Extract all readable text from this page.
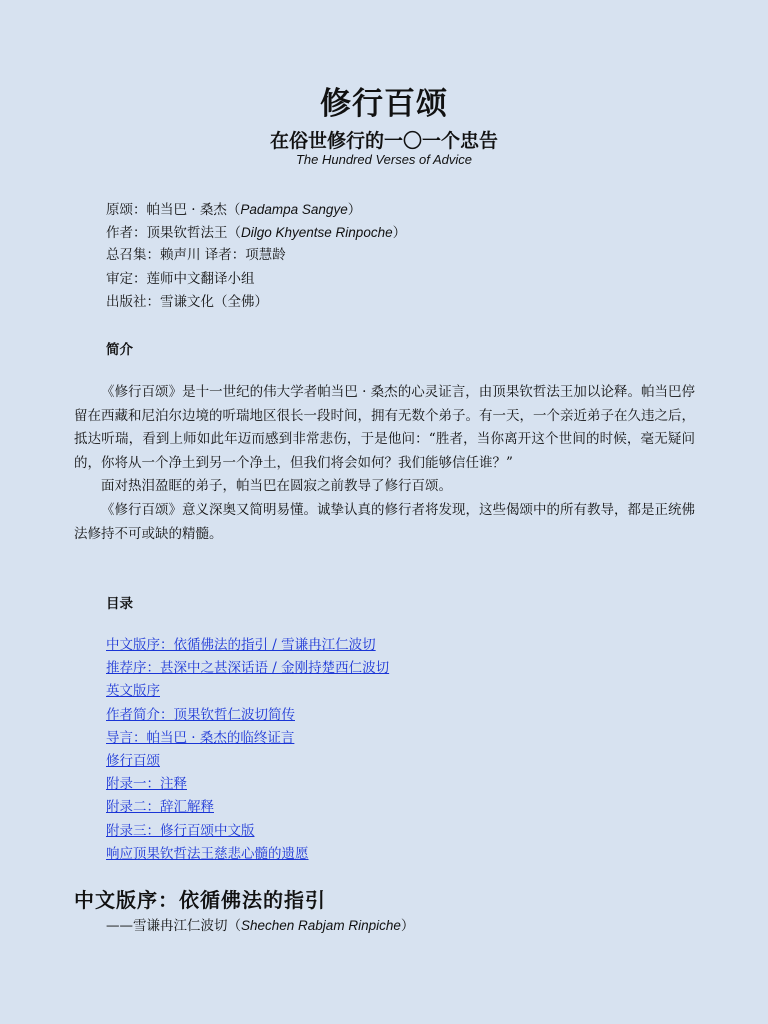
修行百颂
在俗世修行的一〇一个忠告
The Hundred Verses of Advice
原颂：帕当巴 · 桑杰（Padampa Sangye）
作者：顶果钦哲法王（Dilgo Khyentse Rinpoche）
总召集：赖声川 译者：项慧龄
审定：莲师中文翻译小组
出版社：雪谦文化（全佛）
简介

《修行百颂》是十一世纪的伟大学者帕当巴 · 桑杰的心灵证言，由顶果钦哲法王加以论释。帕当巴停留在西藏和尼泊尔边境的听瑞地区很长一段时间，拥有无数个弟子。有一天，一个亲近弟子在久违之后，抵达听瑞，看到上师如此年迈而感到非常悲伤，于是他问：“胜者，当你离开这个世间的时候，毫无疑问的，你将从一个净土到另一个净土，但我们将会如何？我们能够信任谁？”

面对热泪盈眶的弟子，帕当巴在圆寂之前教导了修行百颂。

《修行百颂》意义深奥又简明易懂。诚挚认真的修行者将发现，这些偈颂中的所有教导，都是正统佛法修持不可或缺的精髓。

目录
中文版序：依循佛法的指引 / 雪谦冉江仁波切
推荐序：甚深中之甚深话语 / 金刚持楚西仁波切
英文版序
作者简介：顶果钦哲仁波切简传
导言：帕当巴 · 桑杰的临终证言
修行百颂
附录一：注释
附录二：辞汇解释
附录三：修行百颂中文版
响应顶果钦哲法王慈悲心髓的遗愿
中文版序：依循佛法的指引
——雪谦冉江仁波切（Shechen Rabjam Rinpiche）
